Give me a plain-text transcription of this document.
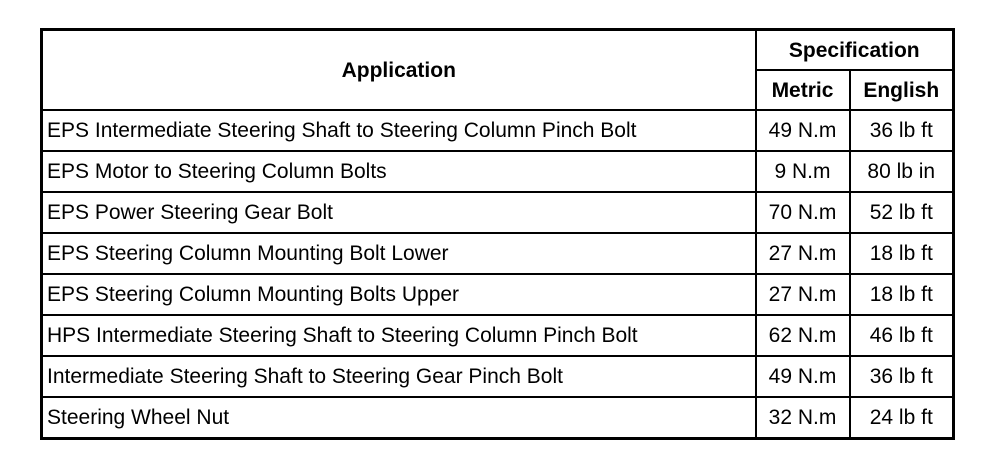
Application	Specification	
	Metric	English
EPS Intermediate Steering Shaft to Steering Column Pinch Bolt	49 N.m	36 lb ft
EPS Motor to Steering Column Bolts	9 N.m	80 lb in
EPS Power Steering Gear Bolt	70 N.m	52 lb ft
EPS Steering Column Mounting Bolt Lower	27 N.m	18 lb ft
EPS Steering Column Mounting Bolts Upper	27 N.m	18 lb ft
HPS Intermediate Steering Shaft to Steering Column Pinch Bolt	62 N.m	46 lb ft
Intermediate Steering Shaft to Steering Gear Pinch Bolt	49 N.m	36 lb ft
Steering Wheel Nut	32 N.m	24 lb ft
